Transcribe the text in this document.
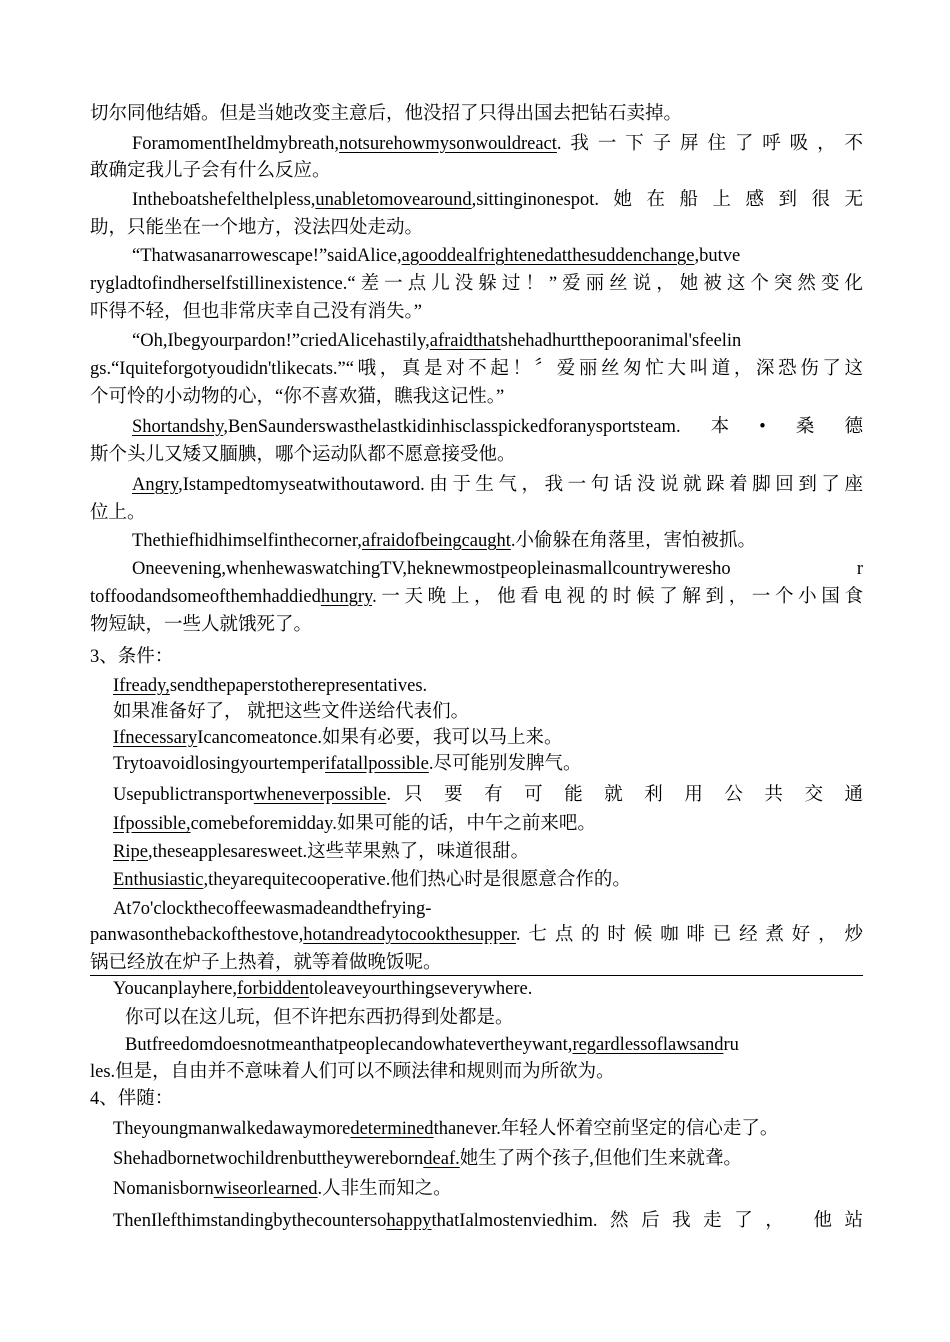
切尔同他结婚。但是当她改变主意后，他没招了只得出国去把钻石卖掉。
ForamomentIheldmybreath,notsurehowmysonwouldreact.我一下子屏住了呼吸，不
敢确定我儿子会有什么反应。
Intheboatshefelthelpless,unabletomovearound,sittinginonespot.她在船上感到很无
助，只能坐在一个地方，没法四处走动。
“Thatwasanarrowescape!”saidAlice,agooddealfrightenedatthesuddenchange,butve
rygladtofindherselfstillinexistence.“差一点儿没躲过！”爱丽丝说，她被这个突然变化
吓得不轻，但也非常庆幸自己没有消失。”
“Oh,Ibegyourpardon!”criedAlicehastily,afraidthatshehadhurtthepooranimal'sfeelin
gs.“Iquiteforgotyoudidn'tlikecats.”“哦，真是对不起！〞爱丽丝匆忙大叫道，深恐伤了这
个可怜的小动物的心，“你不喜欢猫，瞧我这记性。”
Shortandshy,BenSaunderswasthelastkidinhisclasspickedforanysportsteam.本•桑德
斯个头儿又矮又腼腆，哪个运动队都不愿意接受他。
Angry,Istampedtomyseatwithoutaword.由于生气，我一句话没说就跺着脚回到了座
位上。
Thethiefhidhimselfinthecorner,afraidofbeingcaught.小偷躲在角落里，害怕被抓。
Oneevening,whenhewaswatchingTV,heknewmostpeopleinasmallcountryweresho r
toffoodandsomeofthemhaddiedhungry.一天晚上，他看电视的时候了解到，一个小国食
物短缺，一些人就饿死了。
3、条件：
Ifready,sendthepaperstotherepresentatives.
如果准备好了， 就把这些文件送给代表们。
IfnecessaryIcancomeatonce.如果有必要，我可以马上来。
Trytoavoidlosingyourtemperifatallpossible.尽可能别发脾气。
Usepublictransportwheneverpossible. 只 要 有 可 能 就 利 用 公 共 交 通
Ifpossible,comebeforemidday.如果可能的话，中午之前来吧。
Ripe,theseapplesaresweet.这些苹果熟了，味道很甜。
Enthusiastic,theyarequitecooperative.他们热心时是很愿意合作的。
At7o'clockthecoffeewasmadeandthefrying-
panwasonthebackofthestove,hotandreadytocookthesupper.七点的时候咖啡已经煮好，炒
锅已经放在炉子上热着，就等着做晚饭呢。
Youcanplayhere,forbiddentoleaveyourthingseverywhere.
你可以在这儿玩，但不许把东西扔得到处都是。
Butfreedomdoesnotmeanthatpeoplecandowhatevertheywant,regardlessoflawsandru
les.但是，自由并不意味着人们可以不顾法律和规则而为所欲为。
4、伴随：
Theyoungmanwalkedawaymoredeterminedthanever.年轻人怀着空前坚定的信心走了。
Shehadbornetwochildrenbuttheywereborndeaf.她生了两个孩子,但他们生来就聋。
Nomanisbornwiseorlearned.人非生而知之。
ThenIlefthimstandingbythecountersohappythatIalmostenviedhim.然后我走了， 他站
